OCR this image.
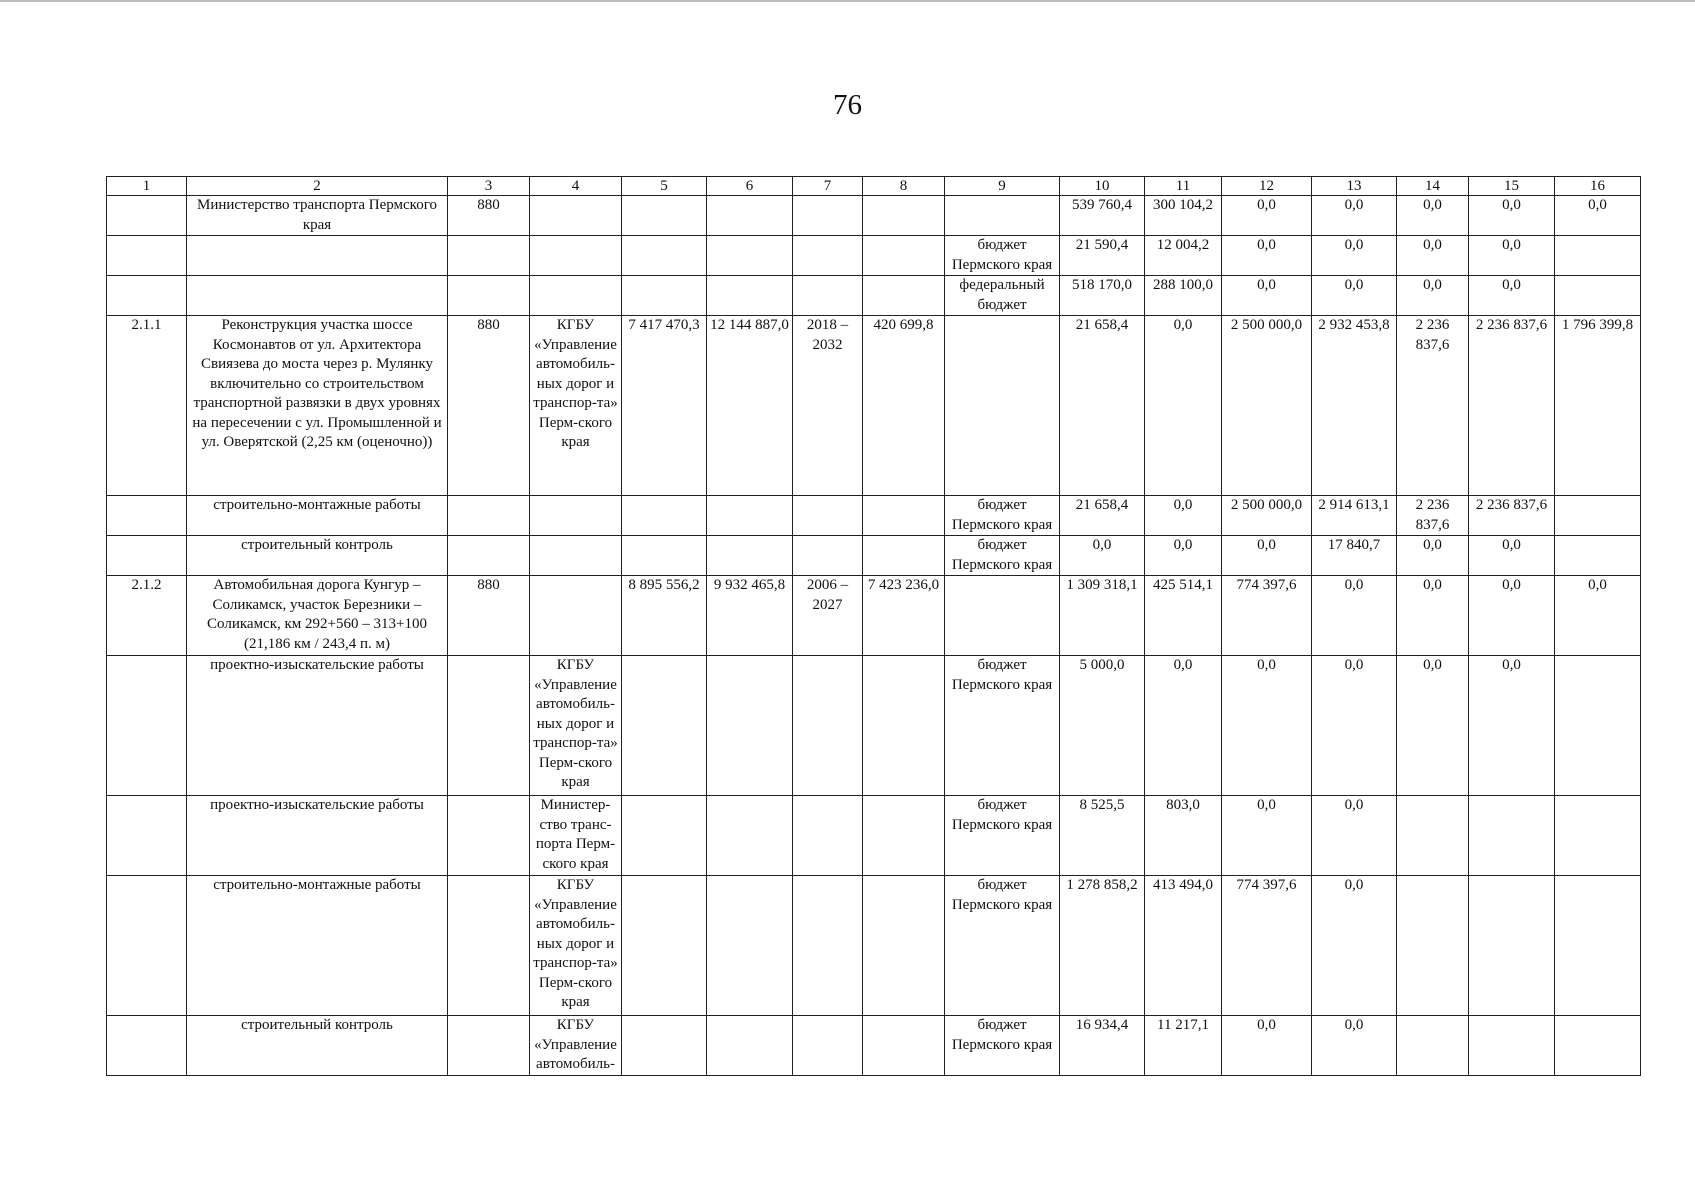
76
1	2	3	4	5	6	7	8	9	10	11	12	13	14	15	16
	Министерство транспорта Пермского края	880							539 760,4	300 104,2	0,0	0,0	0,0	0,0	0,0
								бюджет Пермского края	21 590,4	12 004,2	0,0	0,0	0,0	0,0	
								федеральный бюджет	518 170,0	288 100,0	0,0	0,0	0,0	0,0	
2.1.1	Реконструкция участка шоссе Космонавтов от ул. Архитектора Свиязева до моста через р. Мулянку включительно со строительством транспортной развязки в двух уровнях на пересечении с ул. Промышленной и ул. Оверятской (2,25 км (оценочно))	880	КГБУ «Управление автомобиль-ных дорог и транспор-та» Перм-ского края	7 417 470,3	12 144 887,0	2018 – 2032	420 699,8		21 658,4	0,0	2 500 000,0	2 932 453,8	2 236 837,6	2 236 837,6	1 796 399,8
	строительно-монтажные работы							бюджет Пермского края	21 658,4	0,0	2 500 000,0	2 914 613,1	2 236 837,6	2 236 837,6	
	строительный контроль							бюджет Пермского края	0,0	0,0	0,0	17 840,7	0,0	0,0	
2.1.2	Автомобильная дорога Кунгур – Соликамск, участок Березники – Соликамск, км 292+560 – 313+100 (21,186 км / 243,4 п. м)	880		8 895 556,2	9 932 465,8	2006 – 2027	7 423 236,0		1 309 318,1	425 514,1	774 397,6	0,0	0,0	0,0	0,0
	проектно-изыскательские работы		КГБУ «Управление автомобиль-ных дорог и транспор-та» Перм-ского края					бюджет Пермского края	5 000,0	0,0	0,0	0,0	0,0	0,0	
	проектно-изыскательские работы		Министер-ство транс-порта Перм-ского края					бюджет Пермского края	8 525,5	803,0	0,0	0,0			
	строительно-монтажные работы		КГБУ «Управление автомобиль-ных дорог и транспор-та» Перм-ского края					бюджет Пермского края	1 278 858,2	413 494,0	774 397,6	0,0			
	строительный контроль		КГБУ «Управление автомобиль-					бюджет Пермского края	16 934,4	11 217,1	0,0	0,0			
